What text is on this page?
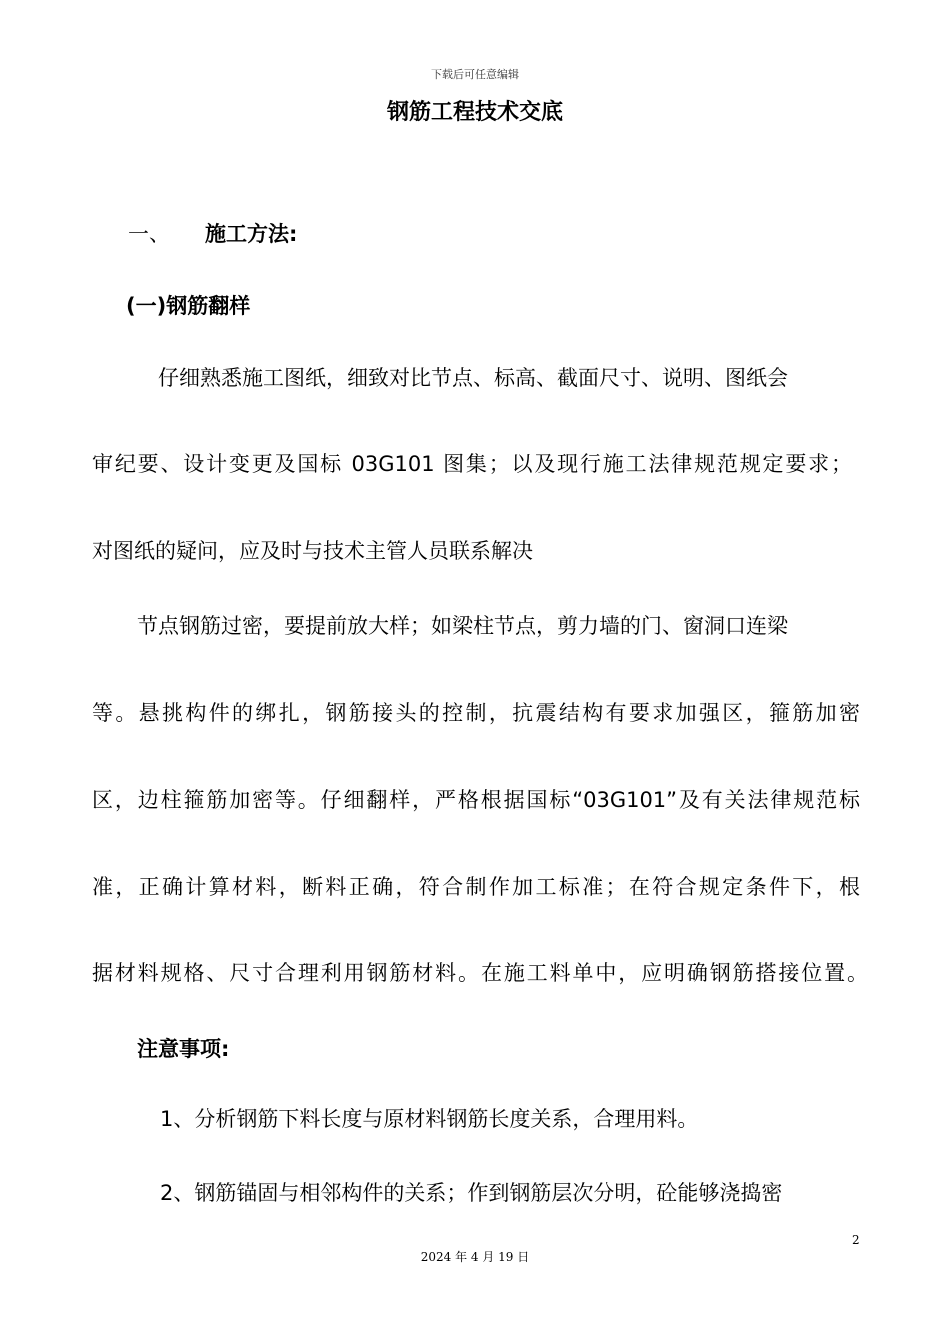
下载后可任意编辑
钢筋工程技术交底
一、 施工方法:
(一)钢筋翻样
仔细熟悉施工图纸，细致对比节点、标高、截面尺寸、说明、图纸会
审纪要、设计变更及国标 03G101 图集；以及现行施工法律规范规定要求；
对图纸的疑问，应及时与技术主管人员联系解决
节点钢筋过密，要提前放大样；如梁柱节点，剪力墙的门、窗洞口连梁
等。悬挑构件的绑扎，钢筋接头的控制，抗震结构有要求加强区，箍筋加密
区，边柱箍筋加密等。仔细翻样，严格根据国标“03G101”及有关法律规范标
准，正确计算材料，断料正确，符合制作加工标准；在符合规定条件下，根
据材料规格、尺寸合理利用钢筋材料。在施工料单中，应明确钢筋搭接位置。
注意事项:
1、分析钢筋下料长度与原材料钢筋长度关系，合理用料。
2、钢筋锚固与相邻构件的关系；作到钢筋层次分明，砼能够浇捣密
2
2024 年 4 月 19 日
